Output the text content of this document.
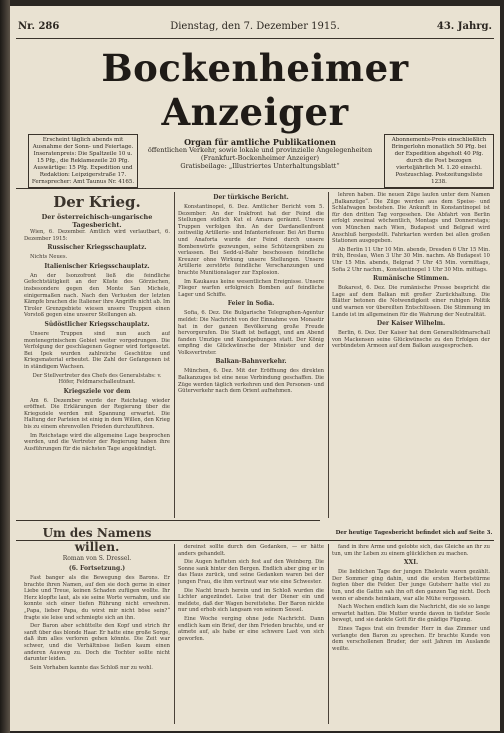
Nr. 286	Dienstag, den 7. Dezember 1915.	43. Jahrg.
Bockenheimer Anzeiger
Erscheint täglich abends mit Ausnahme der Sonn- und Feiertage. Inseratenpreis: Die Spaltzeile 10 u. 15 Pfg., die Reklamezeile 20 Pfg. Auswärtige: 15 Pfg. Expedition und Redaktion: Leipzigerstraße 17. Fernsprecher: Amt Taunus Nr. 4165.
Abonnements-Preis einschließlich Bringerlohn monatlich 50 Pfg. bei der Expedition abgeholt 40 Pfg. durch die Post bezogen vierteljährlich M. 1.20 einschl. Postzuschlag. Postzeitungsliste 1238.
Organ für amtliche Publikationen
öffentlichen Verkehr, sowie lokale und provinzielle Angelegenheiten
(Frankfurt-Bockenheimer Anzeiger)
Gratisbeilage: „Illustriertes Unterhaltungsblatt“
Der Krieg.
Der österreichisch-ungarische Tagesbericht.

Wien, 6. Dezember. Amtlich wird verlautbart, 6. Dezember 1915:

Russischer Kriegsschauplatz.

Nichts Neues.

Italienischer Kriegsschauplatz.

An der Isonzofront ließ die feindliche Gefechtstätigkeit an der Küste des Görzischen, insbesondere gegen den Monte San Michele, einigermaßen nach. Nach den Verlusten der letzten Kämpfe brachen die Italiener ihre Angriffe nicht ab. Im Tiroler Grenzgebiete wiesen unsere Truppen einen Vorstoß gegen eine unserer Stellungen ab.

Südöstlicher Kriegsschauplatz.

Unsere Truppen sind nun auch auf montenegrinischem Gebiet weiter vorgedrungen. Die Verfolgung der geschlagenen Gegner wird fortgesetzt. Bei Ipek wurden zahlreiche Geschütze und Kriegsmaterial erbeutet. Die Zahl der Gefangenen ist in ständigem Wachsen.

Der Stellvertreter des Chefs des Generalstabs: v. Höfer, Feldmarschalleutnant.

Kriegsziele vor dem

Am 6. Dezember wurde der Reichstag wieder eröffnet. Die Erklärungen der Regierung über die Kriegsziele werden mit Spannung erwartet. Die Haltung der Parteien ist einig in dem Willen, den Krieg bis zu einem ehrenvollen Frieden durchzuführen.

Im Reichstage wird die allgemeine Lage besprochen werden, und die Vertreter der Regierung haben ihre Ausführungen für die nächsten Tage angekündigt.

Der türkische Bericht.

Konstantinopel, 6. Dez. Amtlicher Bericht vom 5. Dezember: An der Irakfront hat der Feind die Stellungen südlich Kut el Amara geräumt. Unsere Truppen verfolgen ihn. An der Dardanellenfront zeitweilig Artillerie- und Infanteriefeuer. Bei Ari Burnu und Anaforta wurde der Feind durch unsere Bombenwürfe gezwungen, seine Schützengräben zu verlassen. Bei Sedd-ul-Bahr beschossen feindliche Kreuzer ohne Wirkung unsere Stellungen. Unsere Artillerie zerstörte feindliche Verschanzungen und brachte Munitionslager zur Explosion.

Im Kaukasus keine wesentlichen Ereignisse. Unsere Flieger warfen erfolgreich Bomben auf feindliche Lager und Schiffe.

Feier in Sofia.

Sofia, 6. Dez. Die Bulgarische Telegraphen-Agentur meldet: Die Nachricht von der Einnahme von Monastir hat in der ganzen Bevölkerung große Freude hervorgerufen. Die Stadt ist beflaggt, und am Abend fanden Umzüge und Kundgebungen statt. Der König empfing die Glückwünsche der Minister und der Volksvertreter.

Balkan-Bahnverkehr.

München, 6. Dez. Mit der Eröffnung des direkten Balkanzuges ist eine neue Verbindung geschaffen. Die Züge werden täglich verkehren und den Personen- und Güterverkehr nach dem Orient aufnehmen.

lehren haben. Die neuen Züge laufen unter dem Namen „Balkanzüge“. Die Züge werden aus dem Speise- und Schlafwagen bestehen. Die Ankunft in Konstantinopel ist für den dritten Tag vorgesehen. Die Abfahrt von Berlin erfolgt zweimal wöchentlich, Montags und Donnerstags; von München nach Wien, Budapest und Belgrad wird Anschluß hergestellt. Fahrkarten werden bei allen großen Stationen ausgegeben.

Ab Berlin 11 Uhr 10 Min. abends, Dresden 6 Uhr 15 Min. früh, Breslau, Wien 3 Uhr 30 Min. nachm. Ab Budapest 10 Uhr 15 Min. abends, Belgrad 7 Uhr 45 Min. vormittags, Sofia 2 Uhr nachm., Konstantinopel 1 Uhr 30 Min. mittags.

Rumänische Stimmen.

Bukarest, 6. Dez. Die rumänische Presse bespricht die Lage auf dem Balkan mit großer Zurückhaltung. Die Blätter betonen die Notwendigkeit einer ruhigen Politik und warnen vor übereilten Entschlüssen. Die Stimmung im Lande ist im allgemeinen für die Wahrung der Neutralität.

Der Kaiser Wilhelm.

Berlin, 6. Dez. Der Kaiser hat dem Generalfeldmarschall von Mackensen seine Glückwünsche zu den Erfolgen der verbündeten Armeen auf dem Balkan ausgesprochen.

Der heutige Tagesbericht befindet sich auf Seite 3.
Um des Namens willen.
Roman von S. Dressel.
(6. Fortsetzung.)

Fast banger als die Bewegung des Barons. Er brachte ihren Namen, auf den sie doch gerne in einer Liebe und Treue, keinen Schaden zufügen wollte. Ihr Herz klopfte laut, als sie seine Worte vernahm, und sie konnte sich einer tiefen Rührung nicht erwehren. „Papa, lieber Papa, du wirst mir nicht böse sein?“ fragte sie leise und schmiegte sich an ihn.

Der Baron aber schüttelte den Kopf und strich ihr sanft über das blonde Haar. Er hatte eine große Sorge, daß ihm alles verloren gehen könnte. Die Zeit war schwer, und die Verhältnisse ließen kaum einen anderen Ausweg zu. Doch die Tochter sollte nicht darunter leiden.

Sein Vorhaben kannte das Schloß nur zu wohl.

dereinst sollte durch den Gedanken, — er hätte anders gehandelt.

Die Augen hefteten sich fest auf den Weinberg. Die Sonne sank hinter den Bergen. Endlich aber ging er in das Haus zurück, und seine Gedanken waren bei der jungen Frau, die ihm vertraut war wie eine Schwester.

Die Nacht brach herein und im Schloß wurden die Lichter angezündet. Leise trat der Diener ein und meldete, daß der Wagen bereitstehe. Der Baron nickte nur und erhob sich langsam von seinem Sessel.

Eine Woche verging ohne jede Nachricht. Dann endlich kam ein Brief, der ihm Frieden brachte, und er atmete auf, als habe er eine schwere Last von sich geworfen.

fand in ihre Arme und gelobte sich, das Gleiche an ihr zu tun, um ihr Leben zu einem glücklichen zu machen.

XXI.

Die lieblichen Tage der jungen Eheleute waren gezählt. Der Sommer ging dahin, und die ersten Herbststürme fegten über die Felder. Der junge Gutsherr hatte viel zu tun, und die Gattin sah ihn oft den ganzen Tag nicht. Doch wenn er abends heimkam, war alle Mühe vergessen.

Nach Wochen endlich kam die Nachricht, die sie so lange erwartet hatten. Die Mutter wurde davon in tiefster Seele bewegt, und sie dankte Gott für die gnädige Fügung.

Eines Tages trat ein fremder Herr in das Zimmer und verlangte den Baron zu sprechen. Er brachte Kunde von dem verschollenen Bruder, der seit Jahren im Auslande weilte.
